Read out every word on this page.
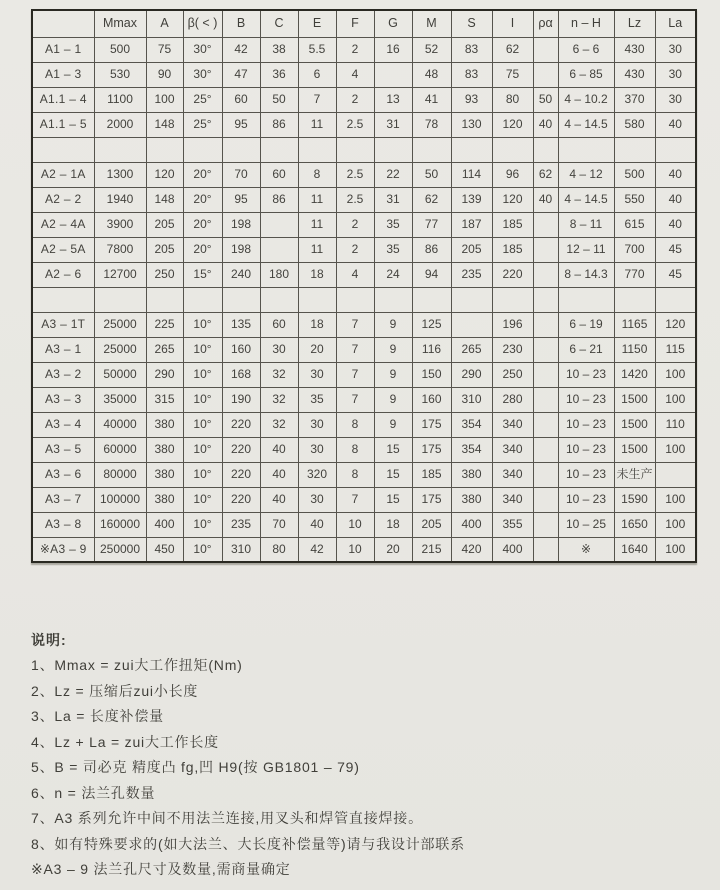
	Mmax	A	β( < )	B	C	E	F	G	M	S	I	ρα	n – H	Lz	La
A1 – 1	500	75	30°	42	38	5.5	2	16	52	83	62		6 – 6	430	30
A1 – 3	530	90	30°	47	36	6	4		48	83	75		6 – 85	430	30
A1.1 – 4	1100	100	25°	60	50	7	2	13	41	93	80	50	4 – 10.2	370	30
A1.1 – 5	2000	148	25°	95	86	11	2.5	31	78	130	120	40	4 – 14.5	580	40

A2 – 1A	1300	120	20°	70	60	8	2.5	22	50	114	96	62	4 – 12	500	40
A2 – 2	1940	148	20°	95	86	11	2.5	31	62	139	120	40	4 – 14.5	550	40
A2 – 4A	3900	205	20°	198		11	2	35	77	187	185		8 – 11	615	40
A2 – 5A	7800	205	20°	198		11	2	35	86	205	185		12 – 11	700	45
A2 – 6	12700	250	15°	240	180	18	4	24	94	235	220		8 – 14.3	770	45

A3 – 1T	25000	225	10°	135	60	18	7	9	125		196		6 – 19	1165	120
A3 – 1	25000	265	10°	160	30	20	7	9	116	265	230		6 – 21	1150	115
A3 – 2	50000	290	10°	168	32	30	7	9	150	290	250		10 – 23	1420	100
A3 – 3	35000	315	10°	190	32	35	7	9	160	310	280		10 – 23	1500	100
A3 – 4	40000	380	10°	220	32	30	8	9	175	354	340		10 – 23	1500	110
A3 – 5	60000	380	10°	220	40	30	8	15	175	354	340		10 – 23	1500	100
A3 – 6	80000	380	10°	220	40	320	8	15	185	380	340		10 – 23	未生产	
A3 – 7	100000	380	10°	220	40	30	7	15	175	380	340		10 – 23	1590	100
A3 – 8	160000	400	10°	235	70	40	10	18	205	400	355		10 – 25	1650	100
※A3 – 9	250000	450	10°	310	80	42	10	20	215	420	400		※	1640	100
说明:
1、Mmax = zui大工作扭矩(Nm)
2、Lz = 压缩后zui小长度
3、La = 长度补偿量
4、Lz + La = zui大工作长度
5、B = 司必克 精度凸 fg,凹 H9(按 GB1801 – 79)
6、n = 法兰孔数量
7、A3 系列允许中间不用法兰连接,用叉头和焊管直接焊接。
8、如有特殊要求的(如大法兰、大长度补偿量等)请与我设计部联系
※A3 – 9 法兰孔尺寸及数量,需商量确定
